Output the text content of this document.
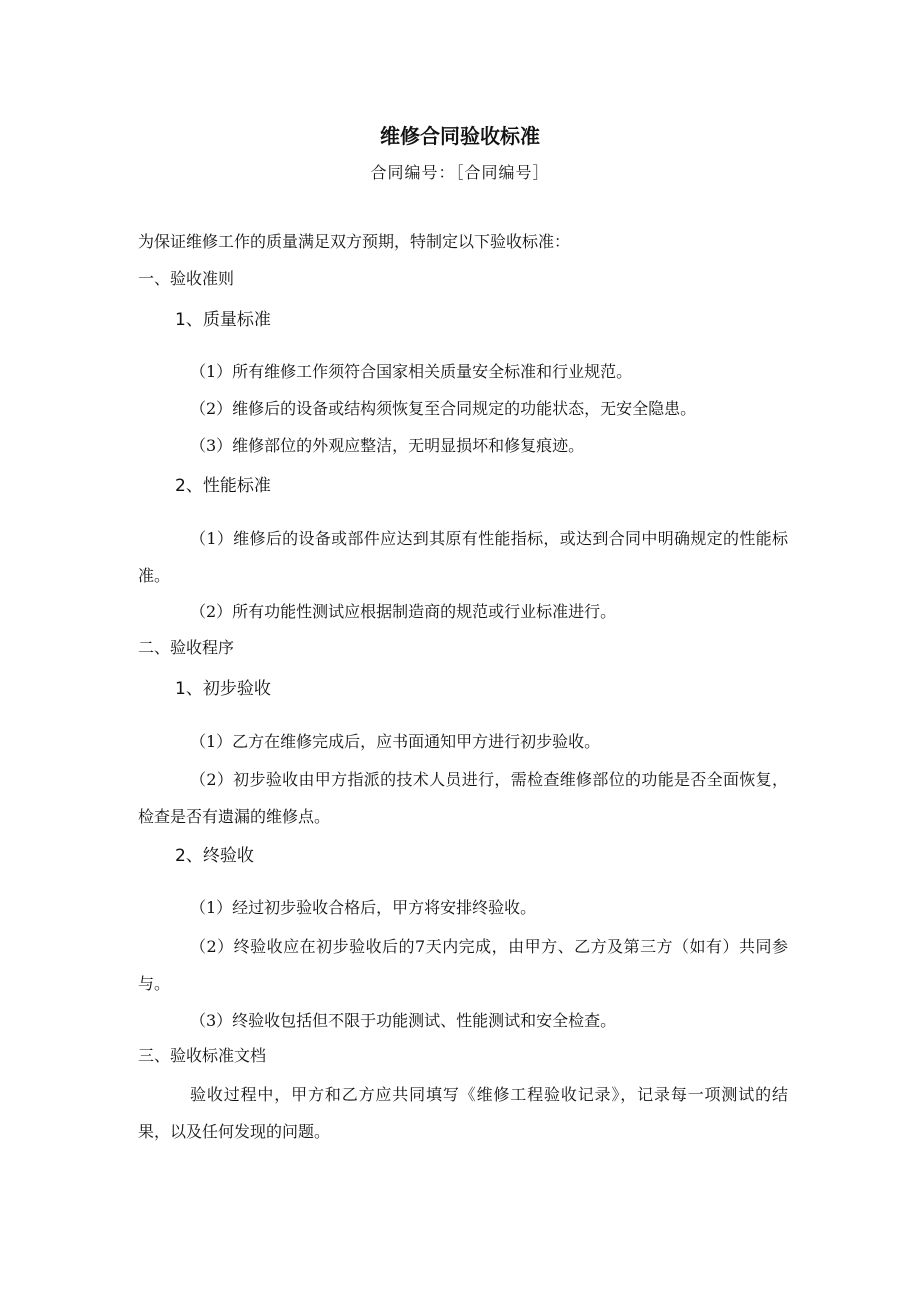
维修合同验收标准
合同编号：［合同编号］
为保证维修工作的质量满足双方预期，特制定以下验收标准：
一、验收准则
1、质量标准
（1）所有维修工作须符合国家相关质量安全标准和行业规范。
（2）维修后的设备或结构须恢复至合同规定的功能状态，无安全隐患。
（3）维修部位的外观应整洁，无明显损坏和修复痕迹。
2、性能标准
（1）维修后的设备或部件应达到其原有性能指标，或达到合同中明确规定的性能标准。
（2）所有功能性测试应根据制造商的规范或行业标准进行。
二、验收程序
1、初步验收
（1）乙方在维修完成后，应书面通知甲方进行初步验收。
（2）初步验收由甲方指派的技术人员进行，需检查维修部位的功能是否全面恢复，检查是否有遗漏的维修点。
2、终验收
（1）经过初步验收合格后，甲方将安排终验收。
（2）终验收应在初步验收后的7天内完成，由甲方、乙方及第三方（如有）共同参与。
（3）终验收包括但不限于功能测试、性能测试和安全检查。
三、验收标准文档
验收过程中，甲方和乙方应共同填写《维修工程验收记录》，记录每一项测试的结果，以及任何发现的问题。
